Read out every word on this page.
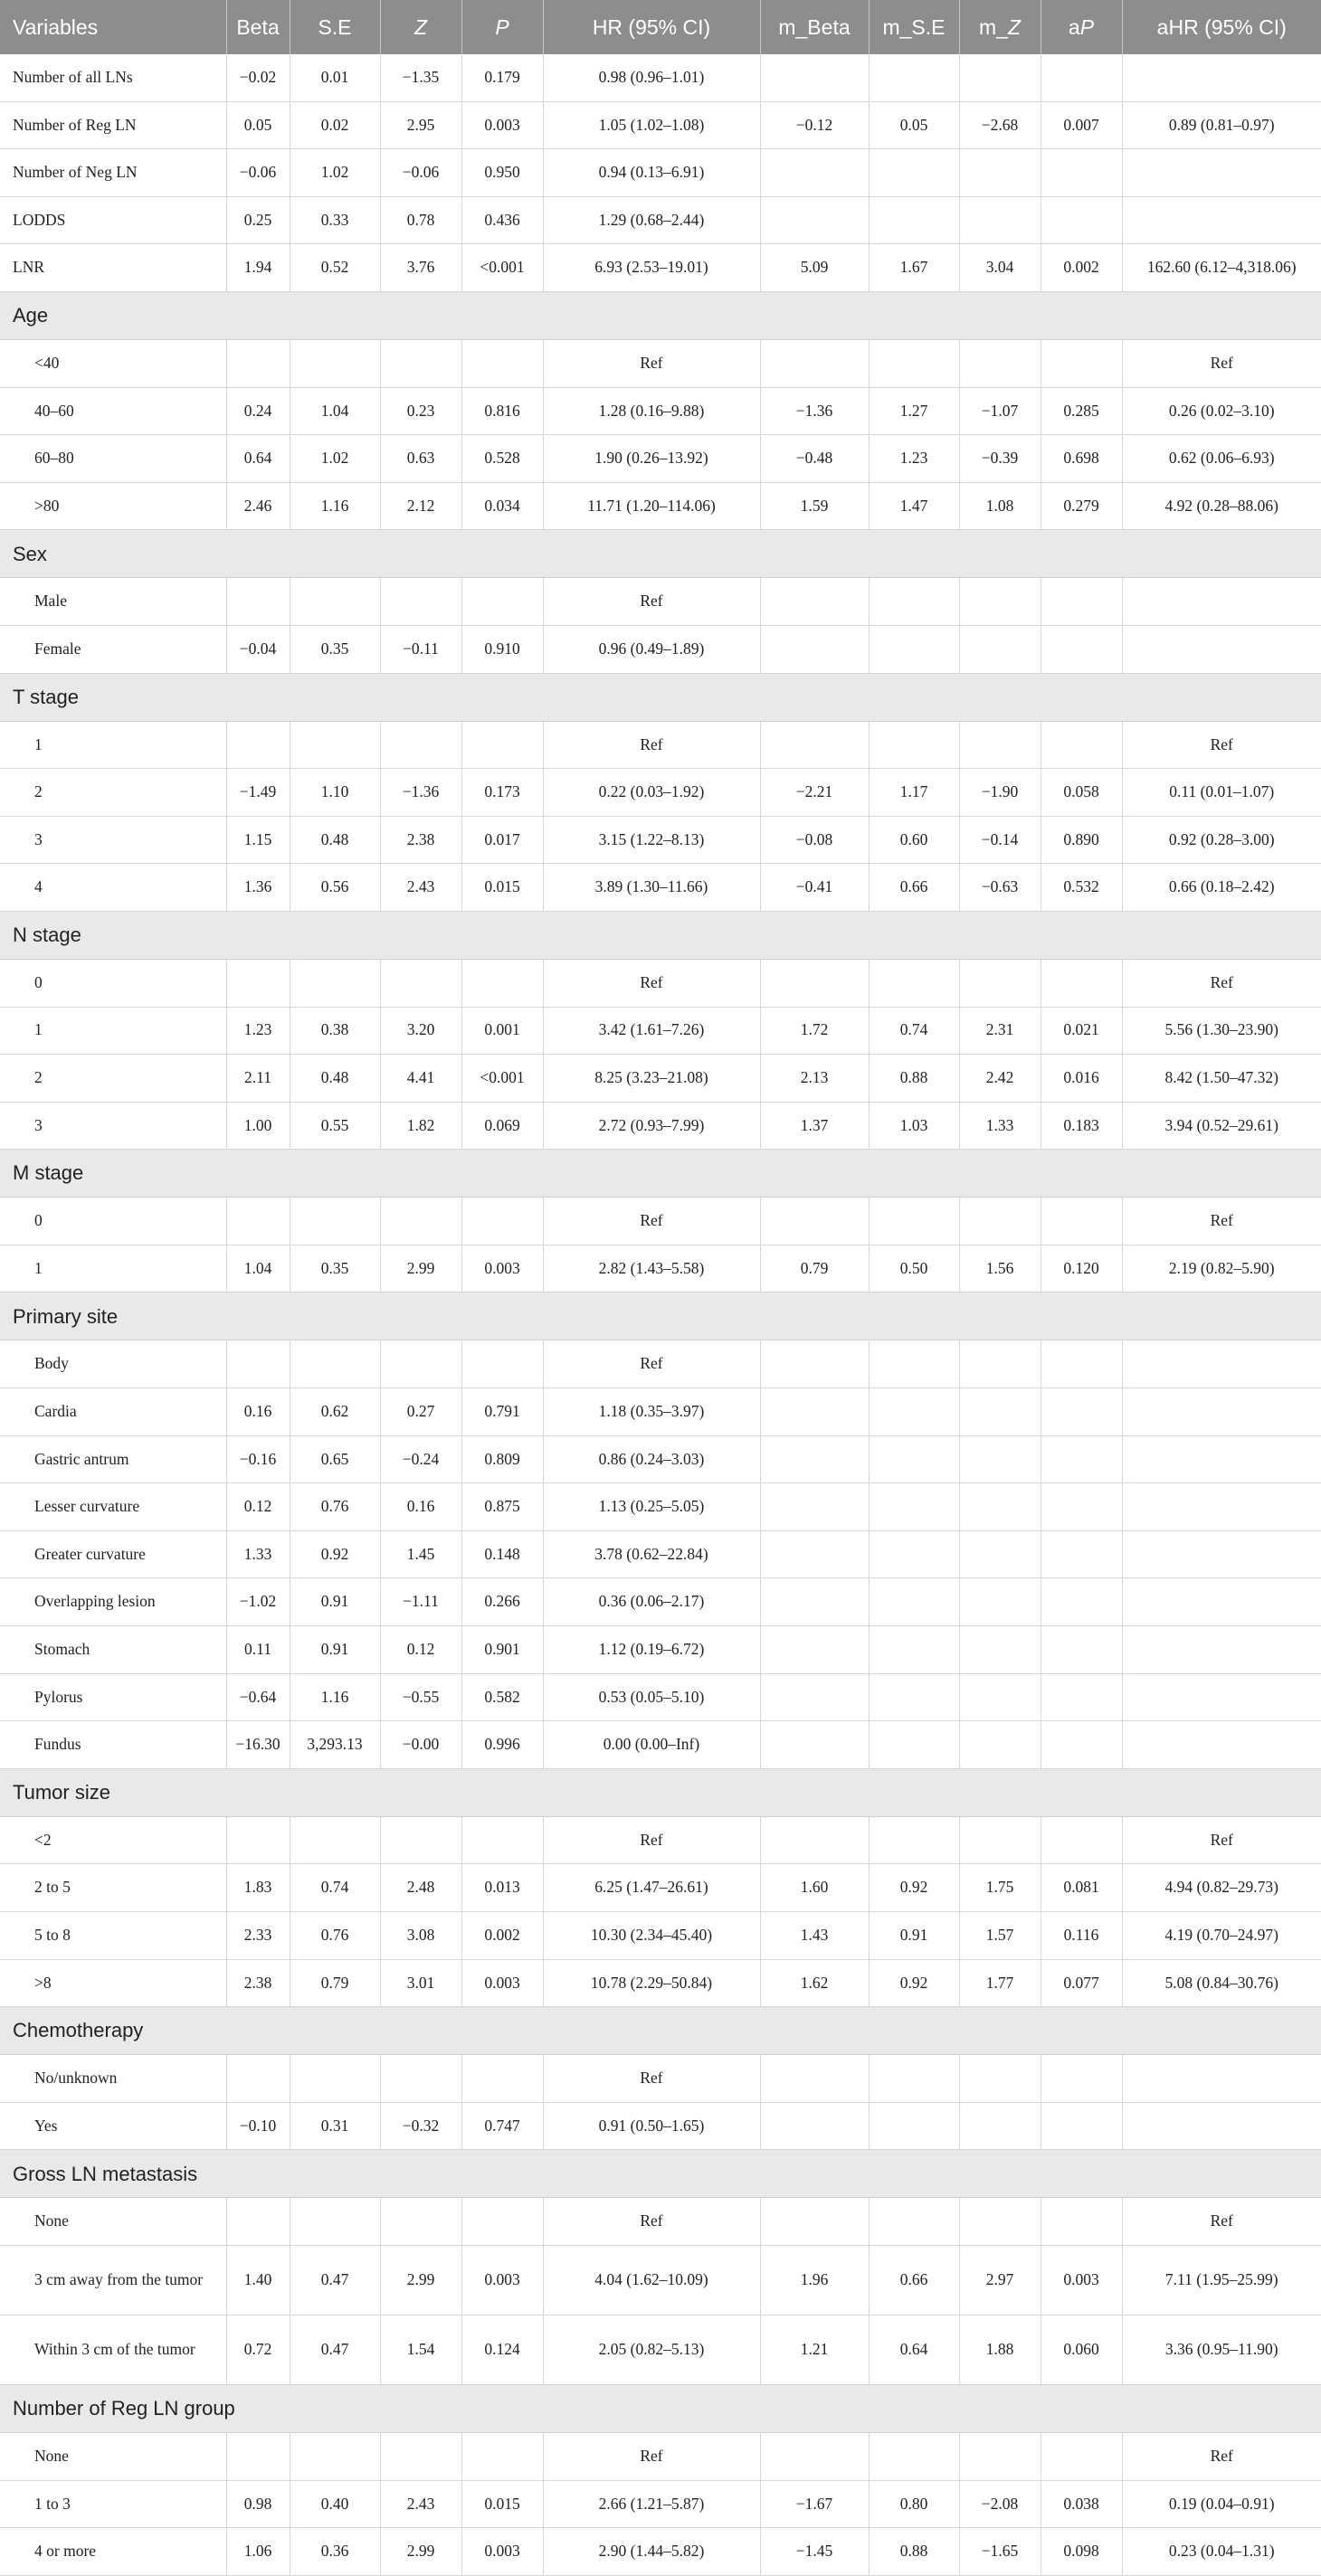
Variables	Beta	S.E	Z	P	HR (95% CI)	m_Beta	m_S.E	m_Z	aP	aHR (95% CI)
Number of all LNs	−0.02	0.01	−1.35	0.179	0.98 (0.96–1.01)					
Number of Reg LN	0.05	0.02	2.95	0.003	1.05 (1.02–1.08)	−0.12	0.05	−2.68	0.007	0.89 (0.81–0.97)
Number of Neg LN	−0.06	1.02	−0.06	0.950	0.94 (0.13–6.91)					
LODDS	0.25	0.33	0.78	0.436	1.29 (0.68–2.44)					
LNR	1.94	0.52	3.76	<0.001	6.93 (2.53–19.01)	5.09	1.67	3.04	0.002	162.60 (6.12–4,318.06)
Age										
<40					Ref					Ref
40–60	0.24	1.04	0.23	0.816	1.28 (0.16–9.88)	−1.36	1.27	−1.07	0.285	0.26 (0.02–3.10)
60–80	0.64	1.02	0.63	0.528	1.90 (0.26–13.92)	−0.48	1.23	−0.39	0.698	0.62 (0.06–6.93)
>80	2.46	1.16	2.12	0.034	11.71 (1.20–114.06)	1.59	1.47	1.08	0.279	4.92 (0.28–88.06)
Sex										
Male					Ref					
Female	−0.04	0.35	−0.11	0.910	0.96 (0.49–1.89)					
T stage										
1					Ref					Ref
2	−1.49	1.10	−1.36	0.173	0.22 (0.03–1.92)	−2.21	1.17	−1.90	0.058	0.11 (0.01–1.07)
3	1.15	0.48	2.38	0.017	3.15 (1.22–8.13)	−0.08	0.60	−0.14	0.890	0.92 (0.28–3.00)
4	1.36	0.56	2.43	0.015	3.89 (1.30–11.66)	−0.41	0.66	−0.63	0.532	0.66 (0.18–2.42)
N stage										
0					Ref					Ref
1	1.23	0.38	3.20	0.001	3.42 (1.61–7.26)	1.72	0.74	2.31	0.021	5.56 (1.30–23.90)
2	2.11	0.48	4.41	<0.001	8.25 (3.23–21.08)	2.13	0.88	2.42	0.016	8.42 (1.50–47.32)
3	1.00	0.55	1.82	0.069	2.72 (0.93–7.99)	1.37	1.03	1.33	0.183	3.94 (0.52–29.61)
M stage										
0					Ref					Ref
1	1.04	0.35	2.99	0.003	2.82 (1.43–5.58)	0.79	0.50	1.56	0.120	2.19 (0.82–5.90)
Primary site										
Body					Ref					
Cardia	0.16	0.62	0.27	0.791	1.18 (0.35–3.97)					
Gastric antrum	−0.16	0.65	−0.24	0.809	0.86 (0.24–3.03)					
Lesser curvature	0.12	0.76	0.16	0.875	1.13 (0.25–5.05)					
Greater curvature	1.33	0.92	1.45	0.148	3.78 (0.62–22.84)					
Overlapping lesion	−1.02	0.91	−1.11	0.266	0.36 (0.06–2.17)					
Stomach	0.11	0.91	0.12	0.901	1.12 (0.19–6.72)					
Pylorus	−0.64	1.16	−0.55	0.582	0.53 (0.05–5.10)					
Fundus	−16.30	3,293.13	−0.00	0.996	0.00 (0.00–Inf)					
Tumor size										
<2					Ref					Ref
2 to 5	1.83	0.74	2.48	0.013	6.25 (1.47–26.61)	1.60	0.92	1.75	0.081	4.94 (0.82–29.73)
5 to 8	2.33	0.76	3.08	0.002	10.30 (2.34–45.40)	1.43	0.91	1.57	0.116	4.19 (0.70–24.97)
>8	2.38	0.79	3.01	0.003	10.78 (2.29–50.84)	1.62	0.92	1.77	0.077	5.08 (0.84–30.76)
Chemotherapy										
No/unknown					Ref					
Yes	−0.10	0.31	−0.32	0.747	0.91 (0.50–1.65)					
Gross LN metastasis										
None					Ref					Ref
3 cm away from the tumor	1.40	0.47	2.99	0.003	4.04 (1.62–10.09)	1.96	0.66	2.97	0.003	7.11 (1.95–25.99)
Within 3 cm of the tumor	0.72	0.47	1.54	0.124	2.05 (0.82–5.13)	1.21	0.64	1.88	0.060	3.36 (0.95–11.90)
Number of Reg LN group										
None					Ref					Ref
1 to 3	0.98	0.40	2.43	0.015	2.66 (1.21–5.87)	−1.67	0.80	−2.08	0.038	0.19 (0.04–0.91)
4 or more	1.06	0.36	2.99	0.003	2.90 (1.44–5.82)	−1.45	0.88	−1.65	0.098	0.23 (0.04–1.31)
